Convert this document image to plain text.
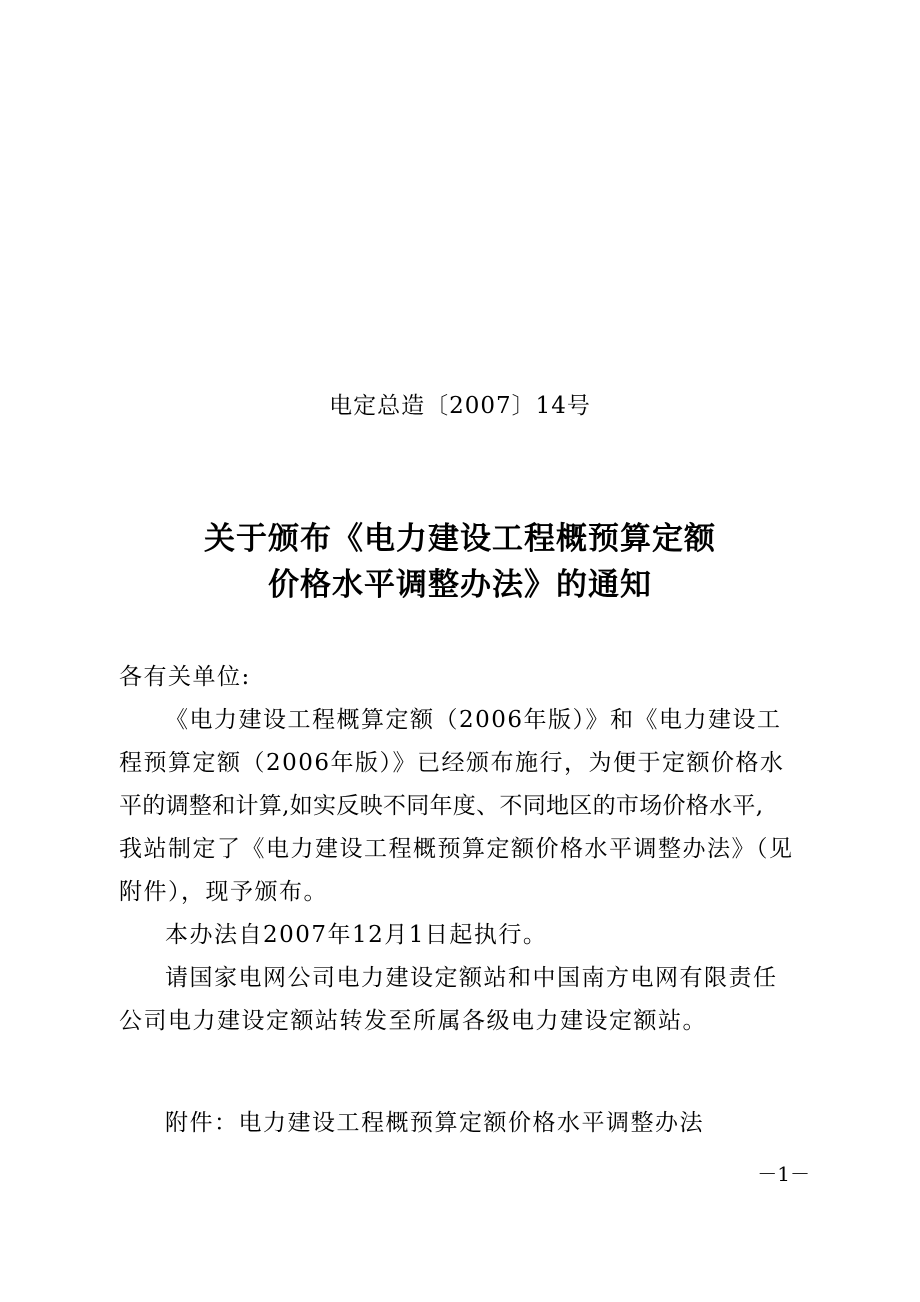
电定总造〔2007〕14号
关于颁布《电力建设工程概预算定额
价格水平调整办法》的通知
各有关单位:
《电力建设工程概算定额（2006年版）》和《电力建设工
程预算定额（2006年版）》已经颁布施行，为便于定额价格水
平的调整和计算,如实反映不同年度、不同地区的市场价格水平,
我站制定了《电力建设工程概预算定额价格水平调整办法》（见
附件），现予颁布。
本办法自2007年12月1日起执行。
请国家电网公司电力建设定额站和中国南方电网有限责任
公司电力建设定额站转发至所属各级电力建设定额站。
附件：电力建设工程概预算定额价格水平调整办法
－1－
